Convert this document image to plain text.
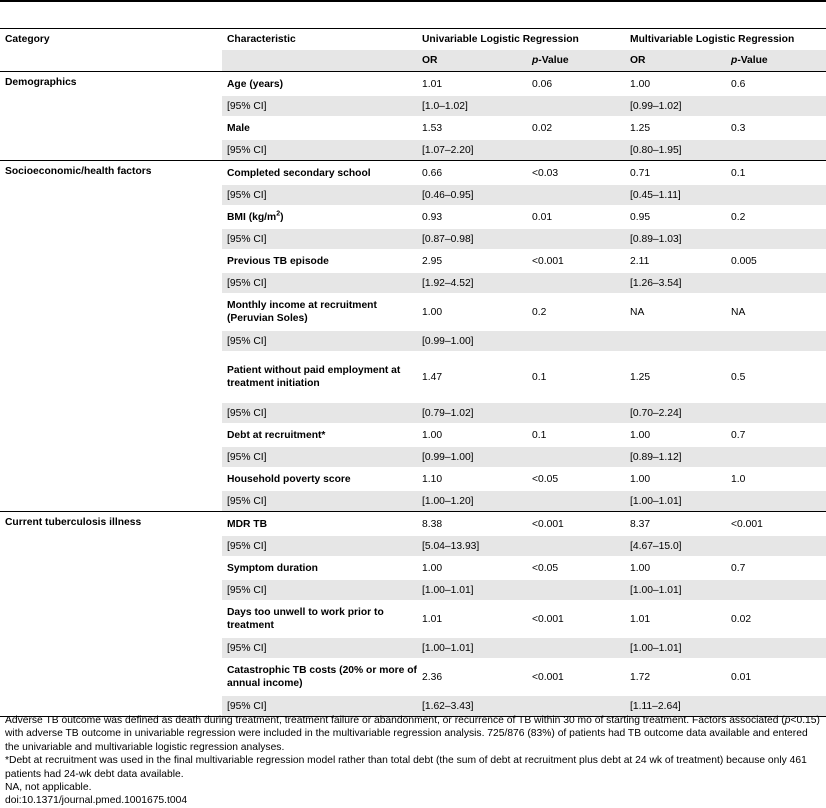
Category	Characteristic	Univariable Logistic Regression		Multivariable Logistic Regression	
		OR	p-Value	OR	p-Value
Demographics	Age (years)	1.01	0.06	1.00	0.6
	[95% CI]	[1.0–1.02]		[0.99–1.02]	
	Male	1.53	0.02	1.25	0.3
	[95% CI]	[1.07–2.20]		[0.80–1.95]	
Socioeconomic/health factors	Completed secondary school	0.66	<0.03	0.71	0.1
	[95% CI]	[0.46–0.95]		[0.45–1.11]	
	BMI $(kg/m^2)$	0.93	0.01	0.95	0.2
	[95% CI]	[0.87–0.98]		[0.89–1.03]	
	Previous TB episode	2.95	<0.001	2.11	0.005
	[95% CI]	[1.92–4.52]		[1.26–3.54]	
	Monthly income at recruitment (Peruvian Soles)	1.00	0.2	NA	NA
	[95% CI]	[0.99–1.00]			
	Patient without paid employment at treatment initiation	1.47	0.1	1.25	0.5
	[95% CI]	[0.79–1.02]		[0.70–2.24]	
	Debt at recruitment*	1.00	0.1	1.00	0.7
	[95% CI]	[0.99–1.00]		[0.89–1.12]	
	Household poverty score	1.10	<0.05	1.00	1.0
	[95% CI]	[1.00–1.20]		[1.00–1.01]	
Current tuberculosis illness	MDR TB	8.38	<0.001	8.37	<0.001
	[95% CI]	[5.04–13.93]		[4.67–15.0]	
	Symptom duration	1.00	<0.05	1.00	0.7
	[95% CI]	[1.00–1.01]		[1.00–1.01]	
	Days too unwell to work prior to treatment	1.01	<0.001	1.01	0.02
	[95% CI]	[1.00–1.01]		[1.00–1.01]	
	Catastrophic TB costs (20% or more of annual income)	2.36	<0.001	1.72	0.01
	[95% CI]	[1.62–3.43]		[1.11–2.64]	

Adverse TB outcome was defined as death during treatment, treatment failure or abandonment, or recurrence of TB within 30 mo of starting treatment. Factors associated (p<0.15) with adverse TB outcome in univariable regression were included in the multivariable regression analysis. 725/876 (83%) of patients had TB outcome data available and entered the univariable and multivariable logistic regression analyses.

*Debt at recruitment was used in the final multivariable regression model rather than total debt (the sum of debt at recruitment plus debt at 24 wk of treatment) because only 461 patients had 24-wk debt data available.

NA, not applicable.

doi:10.1371/journal.pmed.1001675.t004
